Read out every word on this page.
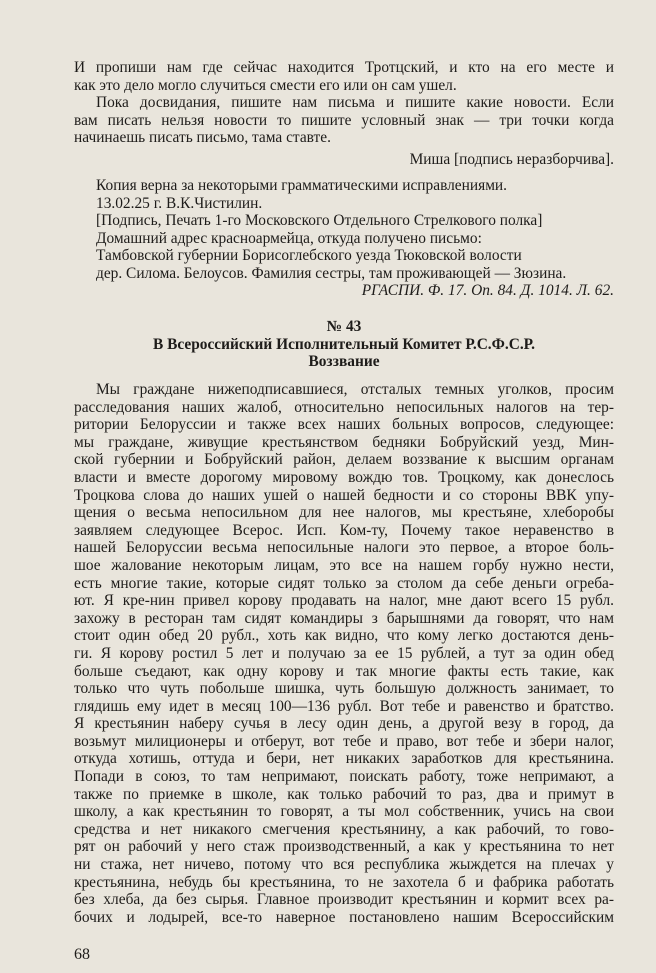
И пропиши нам где сейчас находится Тротцский, и кто на его месте и
как это дело могло случиться смести его или он сам ушел.
Пока досвидания, пишите нам письма и пишите какие новости. Если
вам писать нельзя новости то пишите условный знак — три точки когда
начинаешь писать письмо, тама ставте.
Миша [подпись неразборчива].
Копия верна за некоторыми грамматическими исправлениями.
13.02.25 г. В.К.Чистилин.
[Подпись, Печать 1-го Московского Отдельного Стрелкового полка]
Домашний адрес красноармейца, откуда получено письмо:
Тамбовской губернии Борисоглебского уезда Тюковской волости
дер. Силома. Белоусов. Фамилия сестры, там проживающей — Зюзина.
РГАСПИ. Ф. 17. Оп. 84. Д. 1014. Л. 62.
№ 43
В Всероссийский Исполнительный Комитет Р.С.Ф.С.Р.
Воззвание
Мы граждане нижеподписавшиеся, отсталых темных уголков, просим
расследования наших жалоб, относительно непосильных налогов на тер-
ритории Белоруссии и также всех наших больных вопросов, следующее:
мы граждане, живущие крестьянством бедняки Бобруйский уезд, Мин-
ской губернии и Бобруйский район, делаем воззвание к высшим органам
власти и вместе дорогому мировому вождю тов. Троцкому, как донеслось
Троцкова слова до наших ушей о нашей бедности и со стороны ВВК упу-
щения о весьма непосильном для нее налогов, мы крестьяне, хлеборобы
заявляем следующее Всерос. Исп. Ком-ту, Почему такое неравенство в
нашей Белоруссии весьма непосильные налоги это первое, а второе боль-
шое жалование некоторым лицам, это все на нашем горбу нужно нести,
есть многие такие, которые сидят только за столом да себе деньги огреба-
ют. Я кре-нин привел корову продавать на налог, мне дают всего 15 рубл.
захожу в ресторан там сидят командиры з барышнями да говорят, что нам
стоит один обед 20 рубл., хоть как видно, что кому легко достаются день-
ги. Я корову ростил 5 лет и получаю за ее 15 рублей, а тут за один обед
больше съедают, как одну корову и так многие факты есть такие, как
только что чуть побольше шишка, чуть большую должность занимает, то
глядишь ему идет в месяц 100—136 рубл. Вот тебе и равенство и братство.
Я крестьянин наберу сучья в лесу один день, а другой везу в город, да
возьмут милиционеры и отберут, вот тебе и право, вот тебе и збери налог,
откуда хотишь, оттуда и бери, нет никаких заработков для крестьянина.
Попади в союз, то там непримают, поискать работу, тоже непримают, а
также по приемке в школе, как только рабочий то раз, два и примут в
школу, а как крестьянин то говорят, а ты мол собственник, учись на свои
средства и нет никакого смегчения крестьянину, а как рабочий, то гово-
рят он рабочий у него стаж производственный, а как у крестьянина то нет
ни стажа, нет ничево, потому что вся республика жыждется на плечах у
крестьянина, небудь бы крестьянина, то не захотела б и фабрика работать
без хлеба, да без сырья. Главное производит крестьянин и кормит всех ра-
бочих и лодырей, все-то наверное постановлено нашим Всероссийским
68
